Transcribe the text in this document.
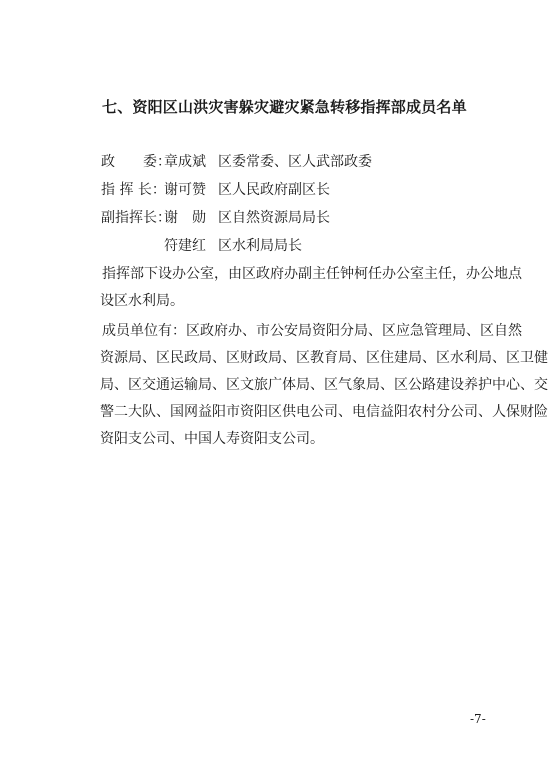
七、资阳区山洪灾害躲灾避灾紧急转移指挥部成员名单
政　　委：
章成斌 区委常委、区人武部政委
指 挥 长：
谢可赞 区人民政府副区长
副指挥长：
谢　勋 区自然资源局局长
符建红 区水利局局长
指挥部下设办公室，由区政府办副主任钟柯任办公室主任，办公地点
设区水利局。
成员单位有：区政府办、市公安局资阳分局、区应急管理局、区自然
资源局、区民政局、区财政局、区教育局、区住建局、区水利局、区卫健
局、区交通运输局、区文旅广体局、区气象局、区公路建设养护中心、交
警二大队、国网益阳市资阳区供电公司、电信益阳农村分公司、人保财险
资阳支公司、中国人寿资阳支公司。
-7-
